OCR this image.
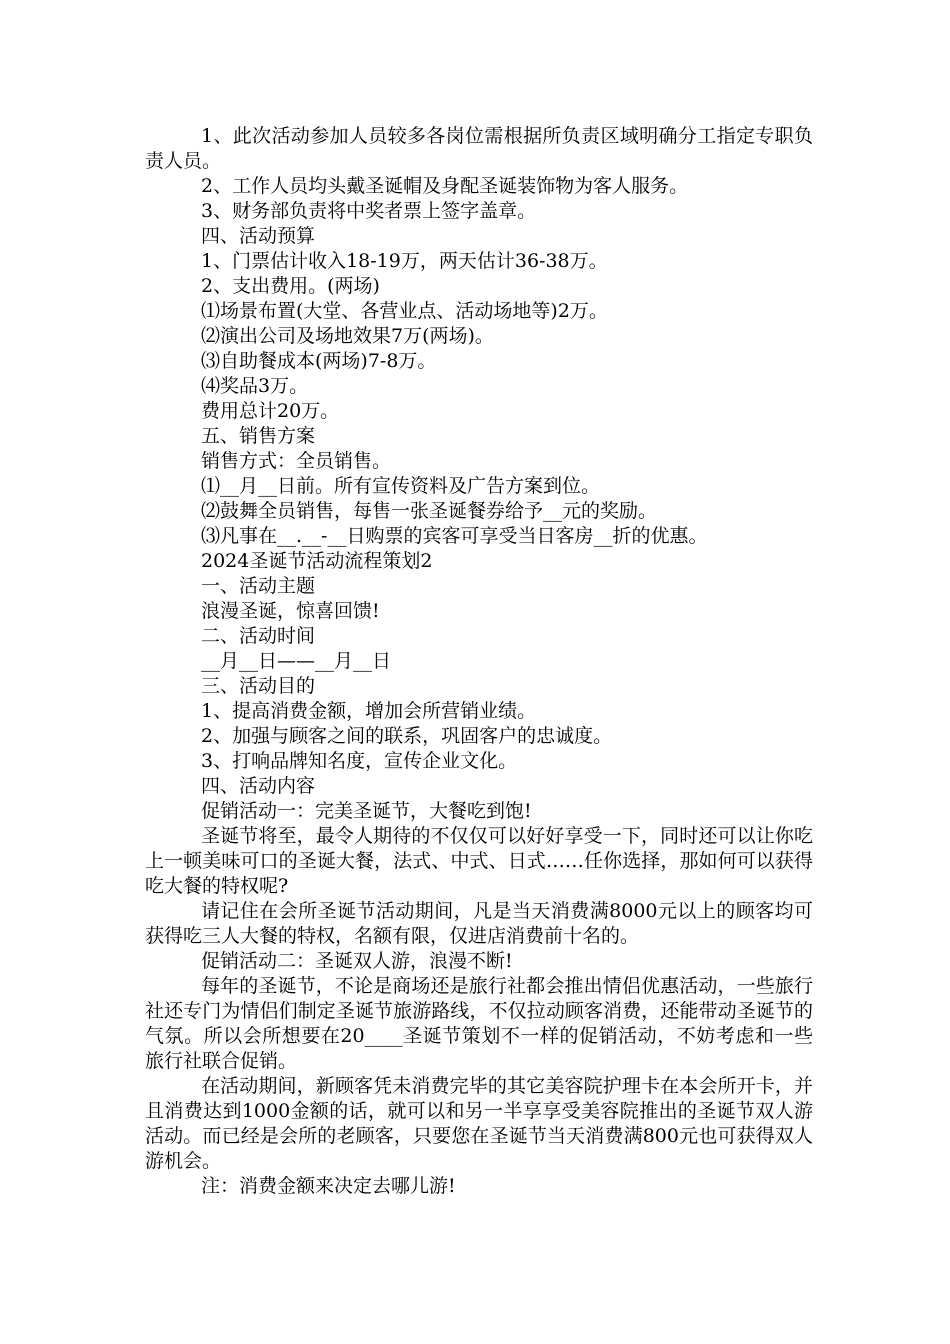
1、此次活动参加人员较多各岗位需根据所负责区域明确分工指定专职负责人员。

2、工作人员均头戴圣诞帽及身配圣诞装饰物为客人服务。

3、财务部负责将中奖者票上签字盖章。

四、活动预算

1、门票估计收入18-19万，两天估计36-38万。

2、支出费用。(两场)

⑴场景布置(大堂、各营业点、活动场地等)2万。

⑵演出公司及场地效果7万(两场)。

⑶自助餐成本(两场)7-8万。

⑷奖品3万。

费用总计20万。

五、销售方案

销售方式：全员销售。

⑴__月__日前。所有宣传资料及广告方案到位。

⑵鼓舞全员销售，每售一张圣诞餐券给予__元的奖励。

⑶凡事在__.__-__日购票的宾客可享受当日客房__折的优惠。

2024圣诞节活动流程策划2

一、活动主题

浪漫圣诞，惊喜回馈!

二、活动时间

__月__日——__月__日

三、活动目的

1、提高消费金额，增加会所营销业绩。

2、加强与顾客之间的联系，巩固客户的忠诚度。

3、打响品牌知名度，宣传企业文化。

四、活动内容

促销活动一：完美圣诞节，大餐吃到饱!

圣诞节将至，最令人期待的不仅仅可以好好享受一下，同时还可以让你吃上一顿美味可口的圣诞大餐，法式、中式、日式……任你选择，那如何可以获得吃大餐的特权呢?

请记住在会所圣诞节活动期间，凡是当天消费满8000元以上的顾客均可获得吃三人大餐的特权，名额有限，仅进店消费前十名的。

促销活动二：圣诞双人游，浪漫不断!

每年的圣诞节，不论是商场还是旅行社都会推出情侣优惠活动，一些旅行社还专门为情侣们制定圣诞节旅游路线，不仅拉动顾客消费，还能带动圣诞节的气氛。所以会所想要在20____圣诞节策划不一样的促销活动，不妨考虑和一些旅行社联合促销。

在活动期间，新顾客凭未消费完毕的其它美容院护理卡在本会所开卡，并且消费达到1000金额的话，就可以和另一半享享受美容院推出的圣诞节双人游活动。而已经是会所的老顾客，只要您在圣诞节当天消费满800元也可获得双人游机会。

注：消费金额来决定去哪儿游!
